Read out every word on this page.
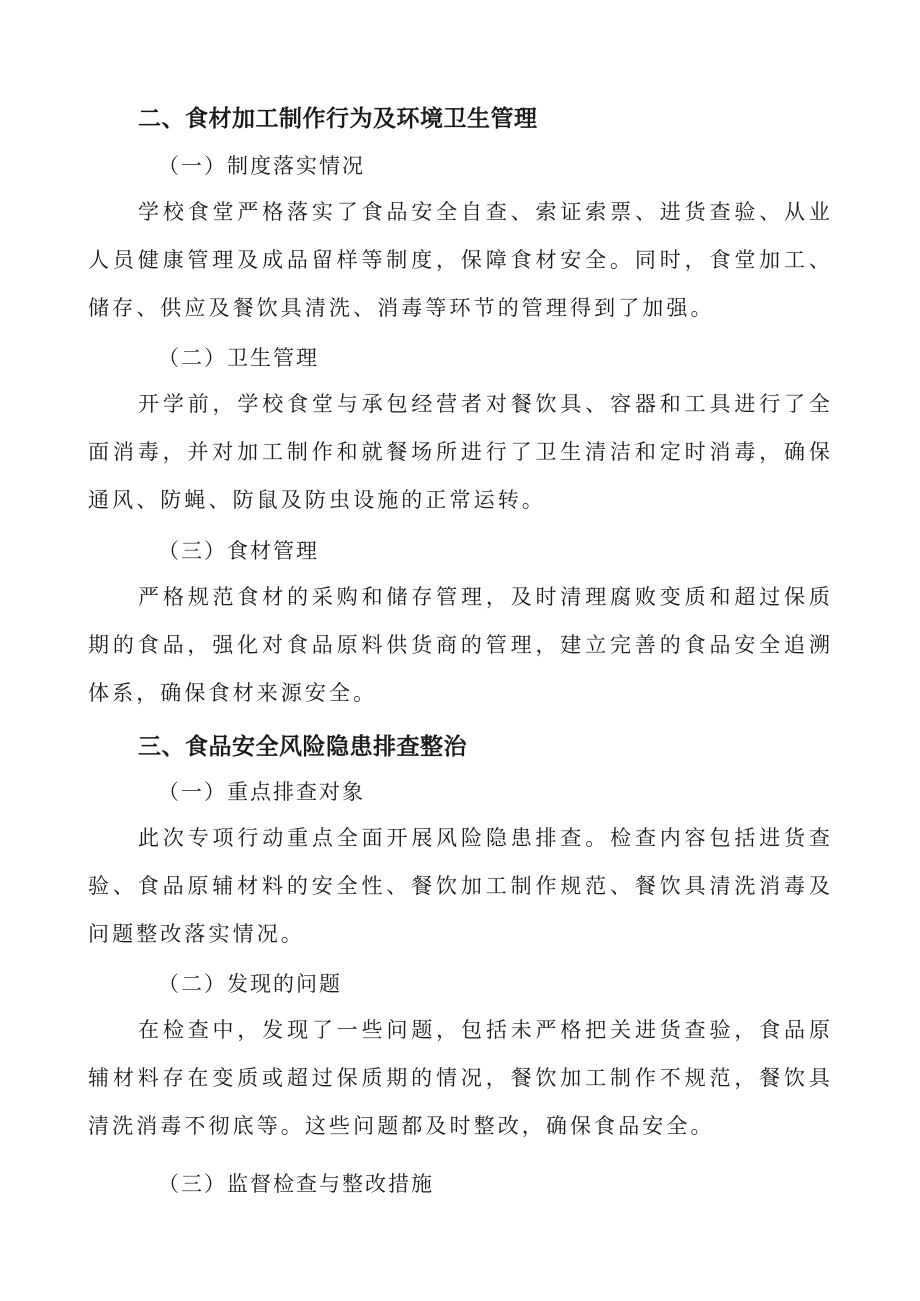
二、食材加工制作行为及环境卫生管理
（一）制度落实情况

学校食堂严格落实了食品安全自查、索证索票、进货查验、从业人员健康管理及成品留样等制度，保障食材安全。同时，食堂加工、储存、供应及餐饮具清洗、消毒等环节的管理得到了加强。

（二）卫生管理

开学前，学校食堂与承包经营者对餐饮具、容器和工具进行了全面消毒，并对加工制作和就餐场所进行了卫生清洁和定时消毒，确保通风、防蝇、防鼠及防虫设施的正常运转。

（三）食材管理

严格规范食材的采购和储存管理，及时清理腐败变质和超过保质期的食品，强化对食品原料供货商的管理，建立完善的食品安全追溯体系，确保食材来源安全。

三、食品安全风险隐患排查整治
（一）重点排查对象

此次专项行动重点全面开展风险隐患排查。检查内容包括进货查验、食品原辅材料的安全性、餐饮加工制作规范、餐饮具清洗消毒及问题整改落实情况。

（二）发现的问题

在检查中，发现了一些问题，包括未严格把关进货查验，食品原辅材料存在变质或超过保质期的情况，餐饮加工制作不规范，餐饮具清洗消毒不彻底等。这些问题都及时整改，确保食品安全。

（三）监督检查与整改措施
